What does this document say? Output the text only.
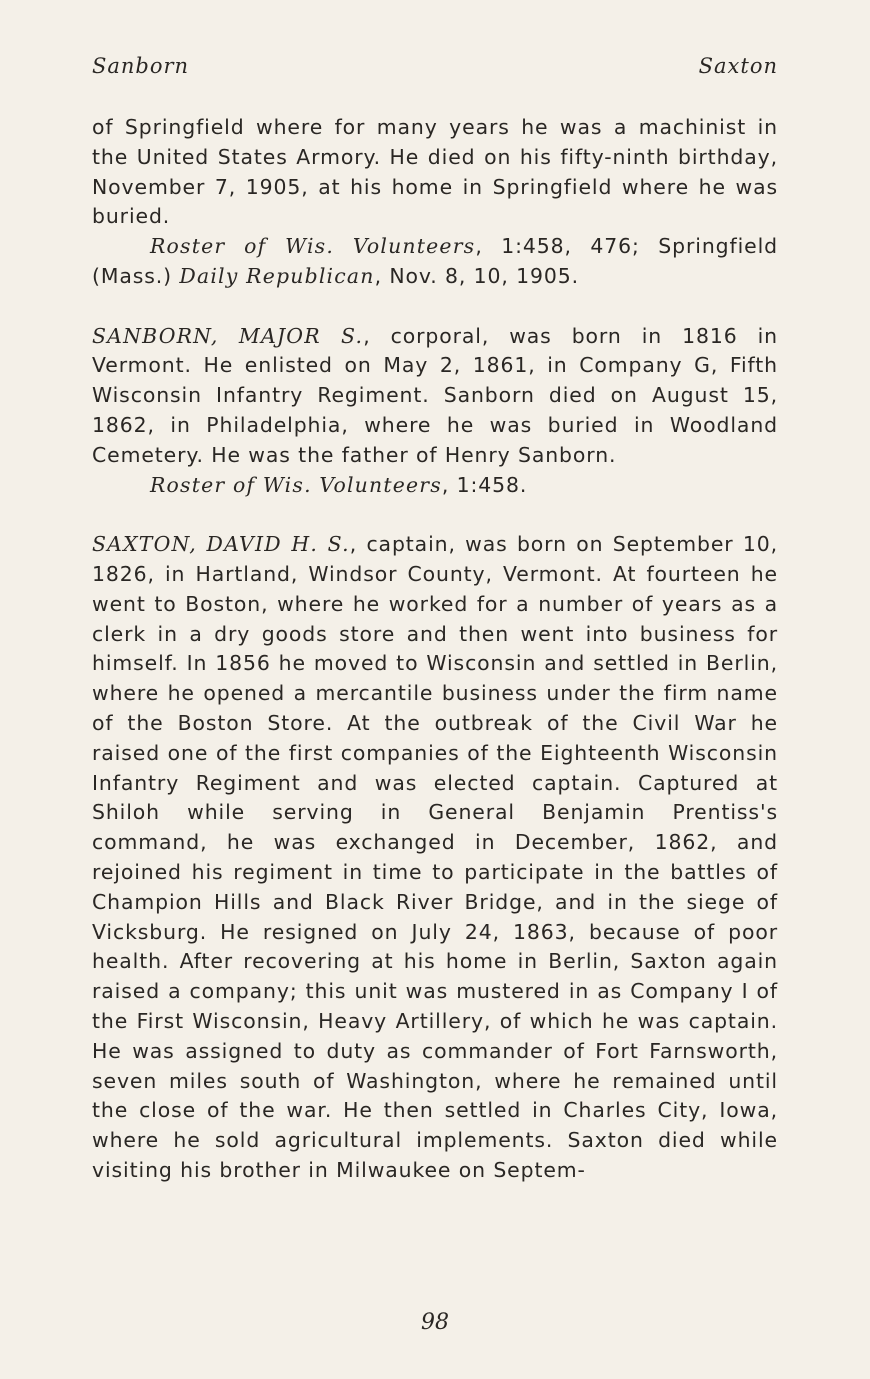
Sanborn	Saxton

of Springfield where for many years he was a machinist in the United States Armory. He died on his fifty-ninth birthday, November 7, 1905, at his home in Springfield where he was buried.

Roster of Wis. Volunteers, 1:458, 476; Springfield (Mass.) Daily Republican, Nov. 8, 10, 1905.

SANBORN, MAJOR S., corporal, was born in 1816 in Vermont. He enlisted on May 2, 1861, in Company G, Fifth Wisconsin Infantry Regiment. Sanborn died on August 15, 1862, in Philadelphia, where he was buried in Woodland Cemetery. He was the father of Henry Sanborn.

Roster of Wis. Volunteers, 1:458.

SAXTON, DAVID H. S., captain, was born on September 10, 1826, in Hartland, Windsor County, Vermont. At fourteen he went to Boston, where he worked for a number of years as a clerk in a dry goods store and then went into business for himself. In 1856 he moved to Wisconsin and settled in Berlin, where he opened a mercantile business under the firm name of the Boston Store. At the outbreak of the Civil War he raised one of the first companies of the Eighteenth Wisconsin Infantry Regiment and was elected captain. Captured at Shiloh while serving in General Benjamin Prentiss's command, he was exchanged in December, 1862, and rejoined his regiment in time to participate in the battles of Champion Hills and Black River Bridge, and in the siege of Vicksburg. He resigned on July 24, 1863, because of poor health. After recovering at his home in Berlin, Saxton again raised a company; this unit was mustered in as Company I of the First Wisconsin, Heavy Artillery, of which he was captain. He was assigned to duty as commander of Fort Farnsworth, seven miles south of Washington, where he remained until the close of the war. He then settled in Charles City, Iowa, where he sold agricultural implements. Saxton died while visiting his brother in Milwaukee on Septem-

98
